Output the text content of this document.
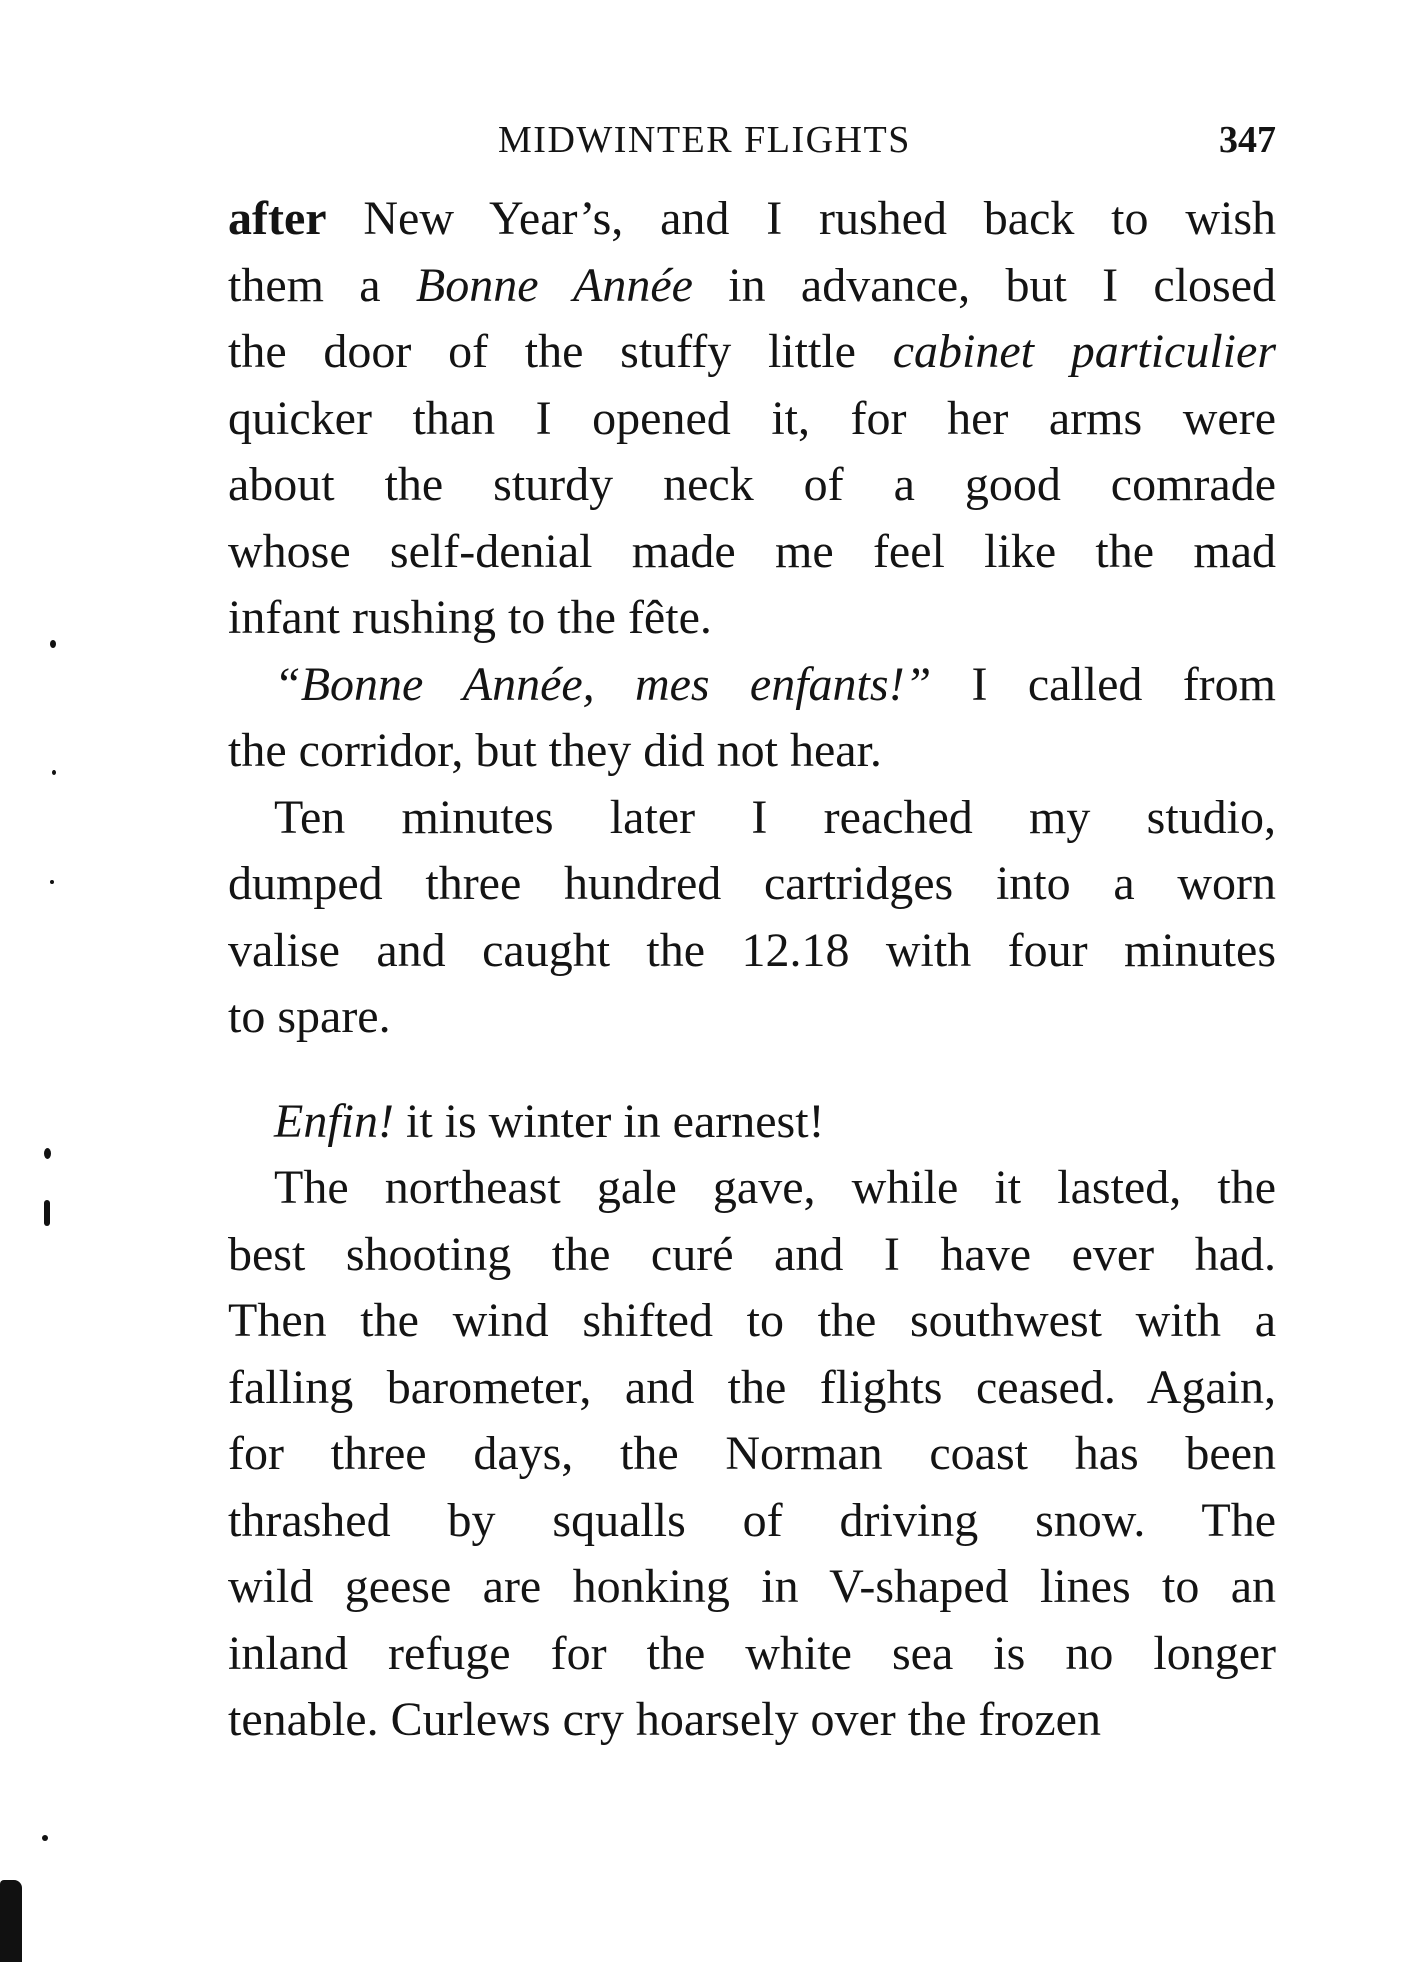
MIDWINTER FLIGHTS	347
after New Year’s, and I rushed back to wish
them a Bonne Année in advance, but I closed
the door of the stuffy little cabinet particulier
quicker than I opened it, for her arms were
about the sturdy neck of a good comrade
whose self-denial made me feel like the mad
infant rushing to the fête.
“Bonne Année, mes enfants!” I called from
the corridor, but they did not hear.
Ten minutes later I reached my studio,
dumped three hundred cartridges into a worn
valise and caught the 12.18 with four minutes
to spare.
Enfin! it is winter in earnest!
The northeast gale gave, while it lasted, the
best shooting the curé and I have ever had.
Then the wind shifted to the southwest with a
falling barometer, and the flights ceased. Again,
for three days, the Norman coast has been
thrashed by squalls of driving snow. The
wild geese are honking in V-shaped lines to an
inland refuge for the white sea is no longer
tenable. Curlews cry hoarsely over the frozen
